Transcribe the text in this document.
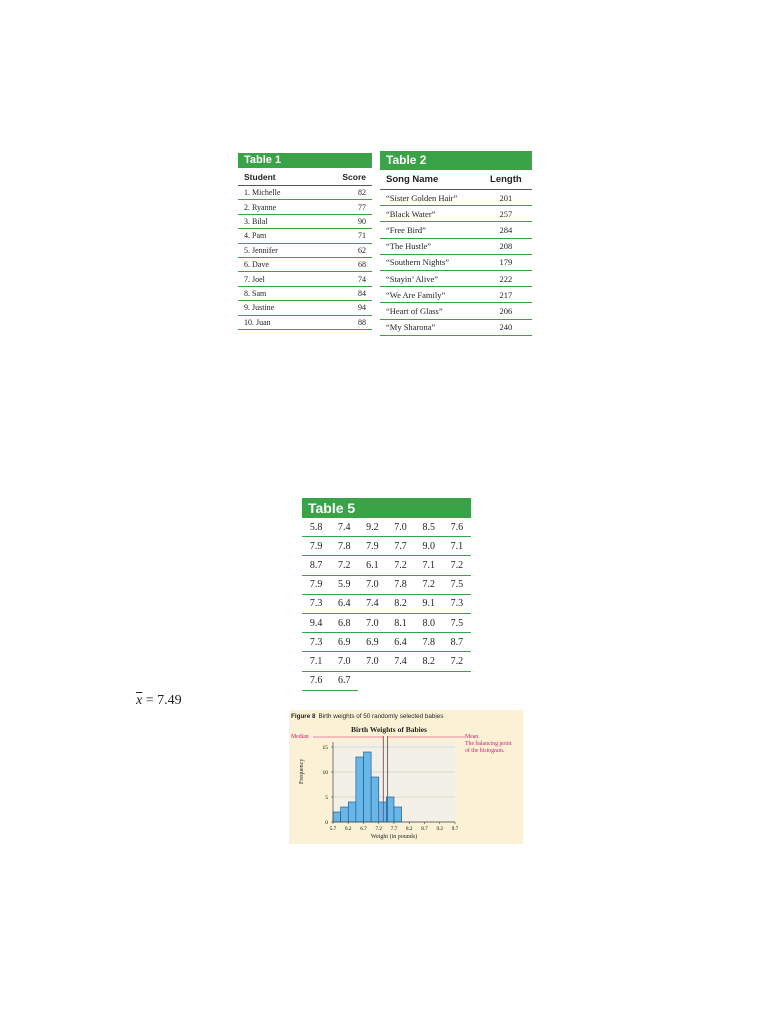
Table 1
Student	Score
1. Michelle	82
2. Ryanne	77
3. Bilal	90
4. Pam	71
5. Jennifer	62
6. Dave	68
7. Joel	74
8. Sam	84
9. Justine	94
10. Juan	88
Table 2
Song Name	Length
“Sister Golden Hair”	201
“Black Water”	257
“Free Bird”	284
“The Hustle”	208
“Southern Nights”	179
“Stayin’ Alive”	222
“We Are Family”	217
“Heart of Glass”	206
“My Sharona”	240
Table 5
5.8	7.4	9.2	7.0	8.5	7.6
7.9	7.8	7.9	7.7	9.0	7.1
8.7	7.2	6.1	7.2	7.1	7.2
7.9	5.9	7.0	7.8	7.2	7.5
7.3	6.4	7.4	8.2	9.1	7.3
9.4	6.8	7.0	8.1	8.0	7.5
7.3	6.9	6.9	6.4	7.8	8.7
7.1	7.0	7.0	7.4	8.2	7.2
7.6	6.7				
$\overline{x} = 7.49$
Figure 8 Birth weights of 50 randomly selected babies
Birth Weights of Babies
Median	Mean.
The balancing point
of the histogram.
Frequency
Weight (in pounds)
0
5
10
15
5.7 6.2 6.7 7.2 7.7 8.2 8.7 9.2 9.7
